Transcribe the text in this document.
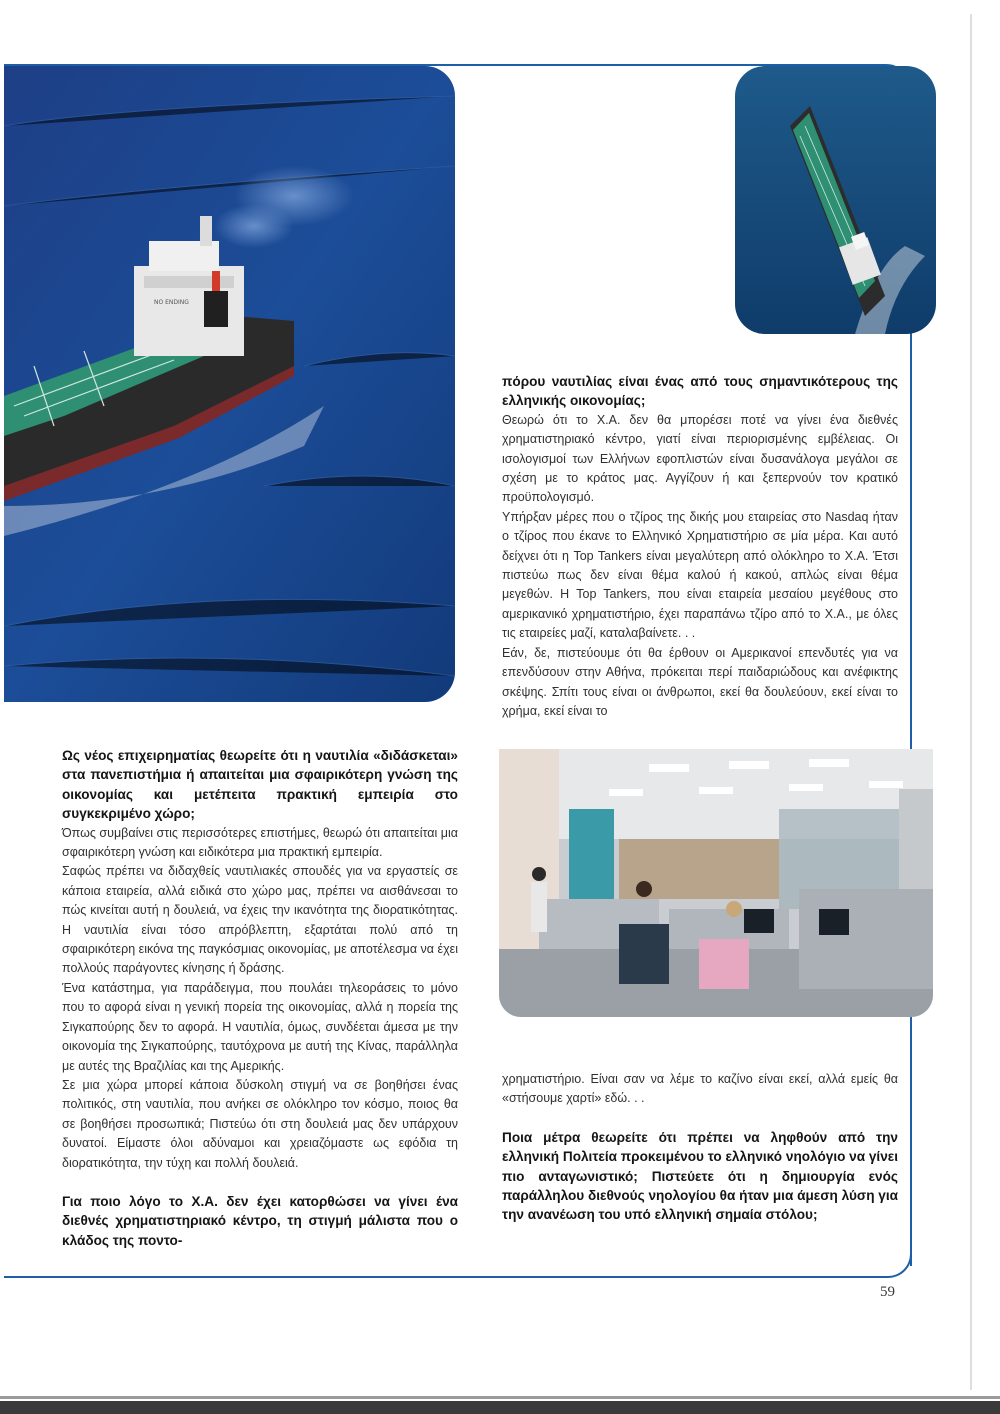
NO ENDING
πόρου ναυτιλίας είναι ένας από τους σημαντικότερους της ελληνικής οικονομίας;

Θεωρώ ότι το Χ.Α. δεν θα μπορέσει ποτέ να γίνει ένα διεθνές χρηματιστηριακό κέντρο, γιατί είναι περιορισμένης εμβέλειας. Οι ισολογισμοί των Ελλήνων εφοπλιστών είναι δυσανάλογα μεγάλοι σε σχέση με το κράτος μας. Αγγίζουν ή και ξεπερνούν τον κρατικό προϋπολογισμό.

Υπήρξαν μέρες που ο τζίρος της δικής μου εταιρείας στο Nasdaq ήταν ο τζίρος που έκανε το Ελληνικό Χρηματιστήριο σε μία μέρα. Και αυτό δείχνει ότι η Top Tankers είναι μεγαλύτερη από ολόκληρο το Χ.Α. Έτσι πιστεύω πως δεν είναι θέμα καλού ή κακού, απλώς είναι θέμα μεγεθών. Η Top Tankers, που είναι εταιρεία μεσαίου μεγέθους στο αμερικανικό χρηματιστήριο, έχει παραπάνω τζίρο από το Χ.Α., με όλες τις εταιρείες μαζί, καταλαβαίνετε. . .

Εάν, δε, πιστεύουμε ότι θα έρθουν οι Αμερικανοί επενδυτές για να επενδύσουν στην Αθήνα, πρόκειται περί παιδαριώδους και ανέφικτης σκέψης. Σπίτι τους είναι οι άνθρωποι, εκεί θα δουλεύουν, εκεί είναι το χρήμα, εκεί είναι το

Ως νέος επιχειρηματίας θεωρείτε ότι η ναυτιλία «διδάσκεται» στα πανεπιστήμια ή απαιτείται μια σφαιρικότερη γνώση της οικονομίας και μετέπειτα πρακτική εμπειρία στο συγκεκριμένο χώρο;

Όπως συμβαίνει στις περισσότερες επιστήμες, θεωρώ ότι απαιτείται μια σφαιρικότερη γνώση και ειδικότερα μια πρακτική εμπειρία.

Σαφώς πρέπει να διδαχθείς ναυτιλιακές σπουδές για να εργαστείς σε κάποια εταιρεία, αλλά ειδικά στο χώρο μας, πρέπει να αισθάνεσαι το πώς κινείται αυτή η δουλειά, να έχεις την ικανότητα της διορατικότητας. Η ναυτιλία είναι τόσο απρόβλεπτη, εξαρτάται πολύ από τη σφαιρικότερη εικόνα της παγκόσμιας οικονομίας, με αποτέλεσμα να έχει πολλούς παράγοντες κίνησης ή δράσης.

Ένα κατάστημα, για παράδειγμα, που πουλάει τηλεοράσεις το μόνο που το αφορά είναι η γενική πορεία της οικονομίας, αλλά η πορεία της Σιγκαπούρης δεν το αφορά. Η ναυτιλία, όμως, συνδέεται άμεσα με την οικονομία της Σιγκαπούρης, ταυτόχρονα με αυτή της Κίνας, παράλληλα με αυτές της Βραζιλίας και της Αμερικής.

Σε μια χώρα μπορεί κάποια δύσκολη στιγμή να σε βοηθήσει ένας πολιτικός, στη ναυτιλία, που ανήκει σε ολόκληρο τον κόσμο, ποιος θα σε βοηθήσει προσωπικά; Πιστεύω ότι στη δουλειά μας δεν υπάρχουν δυνατοί. Είμαστε όλοι αδύναμοι και χρειαζόμαστε ως εφόδια τη διορατικότητα, την τύχη και πολλή δουλειά.

Για ποιο λόγο το Χ.Α. δεν έχει κατορθώσει να γίνει ένα διεθνές χρηματιστηριακό κέντρο, τη στιγμή μάλιστα που ο κλάδος της ποντο-

χρηματιστήριο. Είναι σαν να λέμε το καζίνο είναι εκεί, αλλά εμείς θα «στήσουμε χαρτί» εδώ. . .

Ποια μέτρα θεωρείτε ότι πρέπει να ληφθούν από την ελληνική Πολιτεία προκειμένου το ελληνικό νηολόγιο να γίνει πιο ανταγωνιστικό; Πιστεύετε ότι η δημιουργία ενός παράλληλου διεθνούς νηολογίου θα ήταν μια άμεση λύση για την ανανέωση του υπό ελληνική σημαία στόλου;
59
